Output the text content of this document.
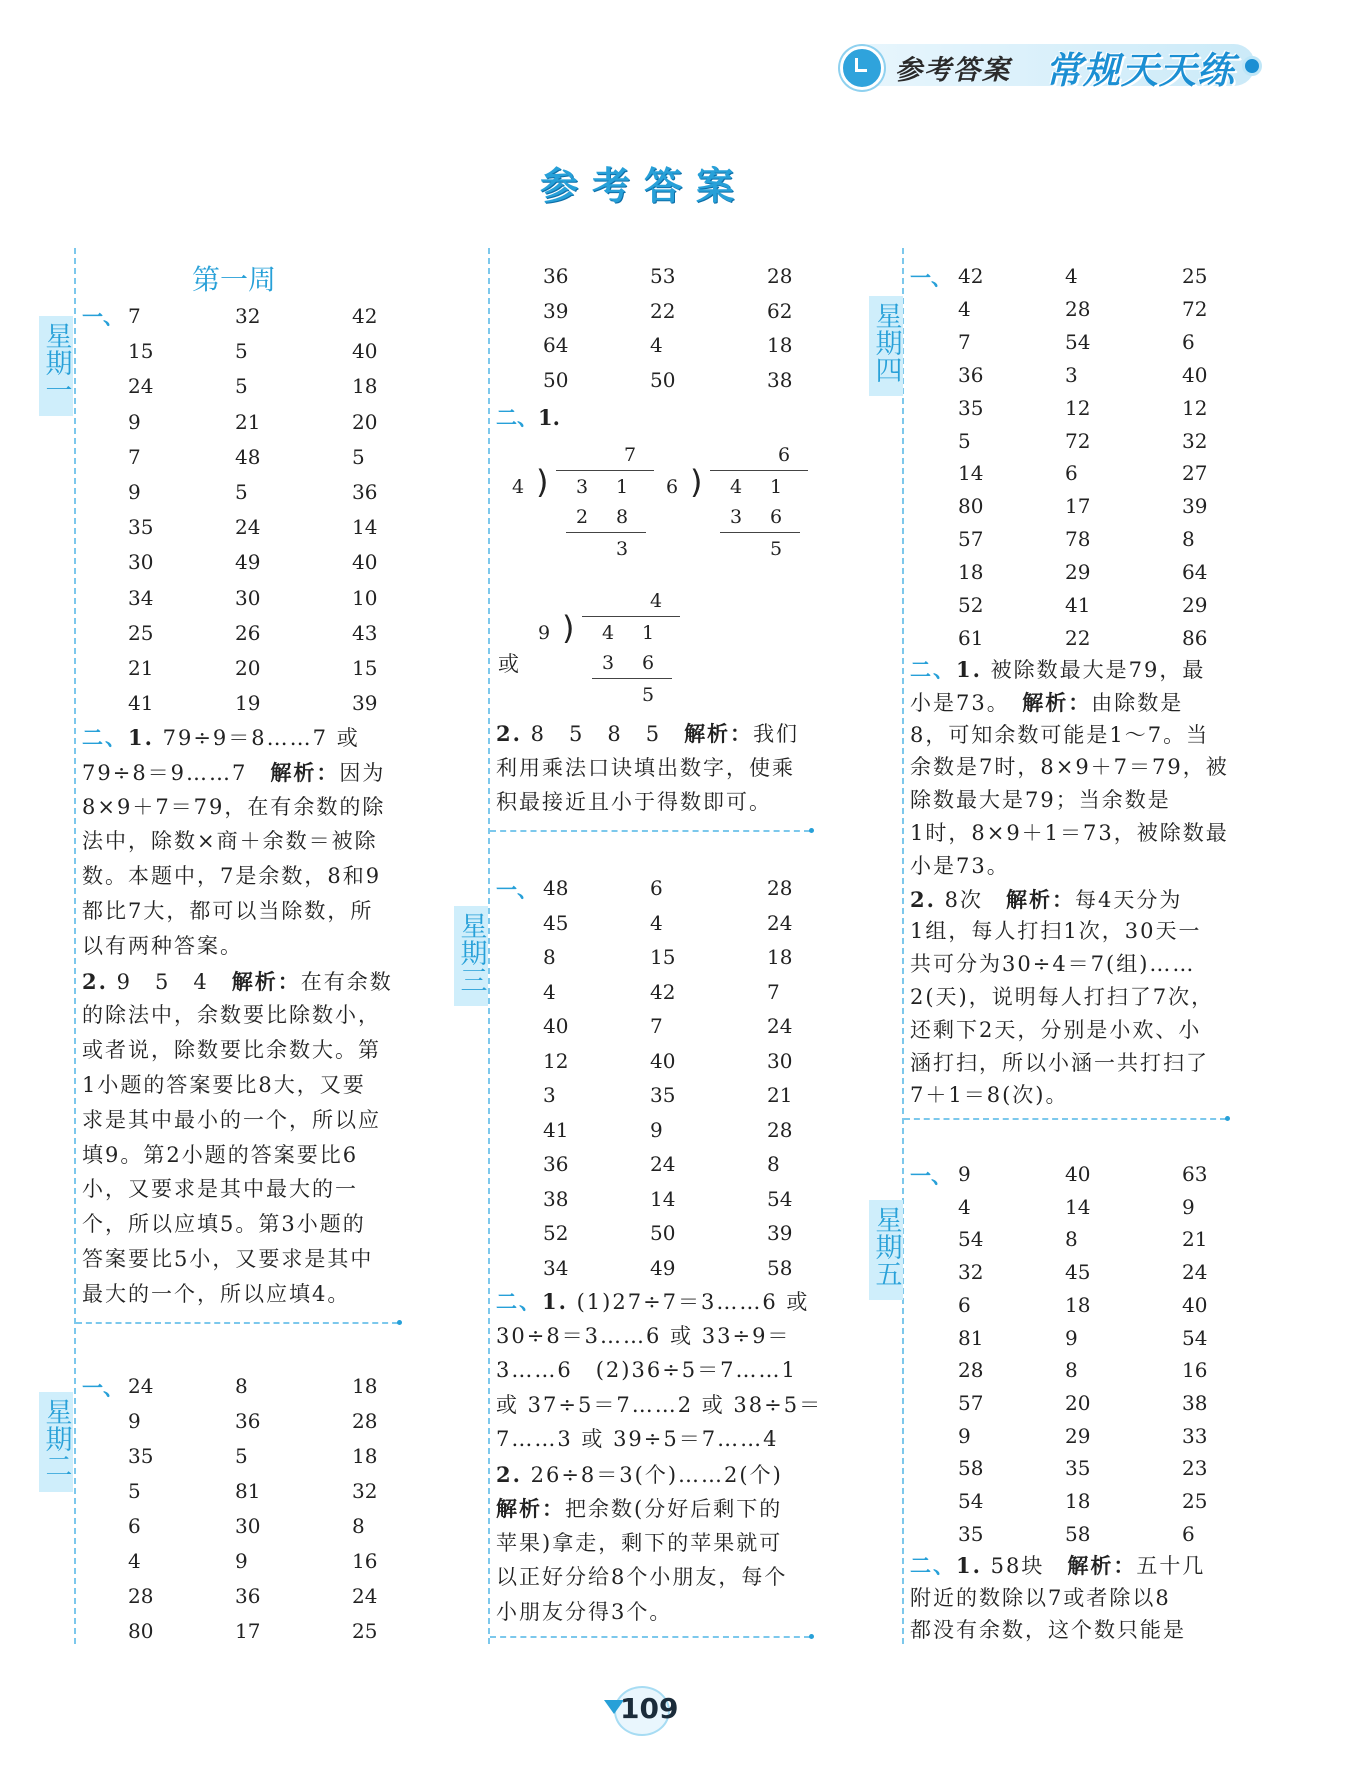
参考答案 常规天天练
参考答案
星期一
星期二
星期三
星期四
星期五
第一周
一、 7	32	42
15	5	40
24	5	18
9	21	20
7	48	5
9	5	36
35	24	14
30	49	40
34	30	10
25	26	43
21	20	15
41	19	39
二、1. 79÷9＝8……7 或
79÷8＝9……7　解析：因为
8×9＋7＝79，在有余数的除
法中，除数×商＋余数＝被除
数。本题中，7是余数，8和9
都比7大，都可以当除数，所
以有两种答案。
2. 9　5　4　解析：在有余数
的除法中，余数要比除数小，
或者说，除数要比余数大。第
1小题的答案要比8大，又要
求是其中最小的一个，所以应
填9。第2小题的答案要比6
小，又要求是其中最大的一
个，所以应填5。第3小题的
答案要比5小，又要求是其中
最大的一个，所以应填4。
一、 24	8	18
9	36	28
35	5	18
5	81	32
6	30	8
4	9	16
28	36	24
80	17	25
36	53	28
39	22	62
64	4	18
50	50	38
二、1.
7
4 ) 3 1
2 8
3
6
6 ) 4 1
3 6
5
或
4
9 ) 4 1
3 6
5
2. 8　5　8　5　解析：我们
利用乘法口诀填出数字，使乘
积最接近且小于得数即可。
一、 48	6	28
45	4	24
8	15	18
4	42	7
40	7	24
12	40	30
3	35	21
41	9	28
36	24	8
38	14	54
52	50	39
34	49	58
二、1. (1)27÷7＝3……6 或
30÷8＝3……6 或 33÷9＝
3……6　(2)36÷5＝7……1
或 37÷5＝7……2 或 38÷5＝
7……3 或 39÷5＝7……4
2. 26÷8＝3(个)……2(个)
解析：把余数(分好后剩下的
苹果)拿走，剩下的苹果就可
以正好分给8个小朋友，每个
小朋友分得3个。
一、 42	4	25
4	28	72
7	54	6
36	3	40
35	12	12
5	72	32
14	6	27
80	17	39
57	78	8
18	29	64
52	41	29
61	22	86
二、1. 被除数最大是79，最
小是73。　解析：由除数是
8，可知余数可能是1～7。当
余数是7时，8×9＋7＝79，被
除数最大是79；当余数是
1时，8×9＋1＝73，被除数最
小是73。
2. 8次　解析：每4天分为
1组，每人打扫1次，30天一
共可分为30÷4＝7(组)……
2(天)，说明每人打扫了7次，
还剩下2天，分别是小欢、小
涵打扫，所以小涵一共打扫了
7＋1＝8(次)。
一、 9	40	63
4	14	9
54	8	21
32	45	24
6	18	40
81	9	54
28	8	16
57	20	38
9	29	33
58	35	23
54	18	25
35	58	6
二、1. 58块　解析：五十几
附近的数除以7或者除以8
都没有余数，这个数只能是
109
